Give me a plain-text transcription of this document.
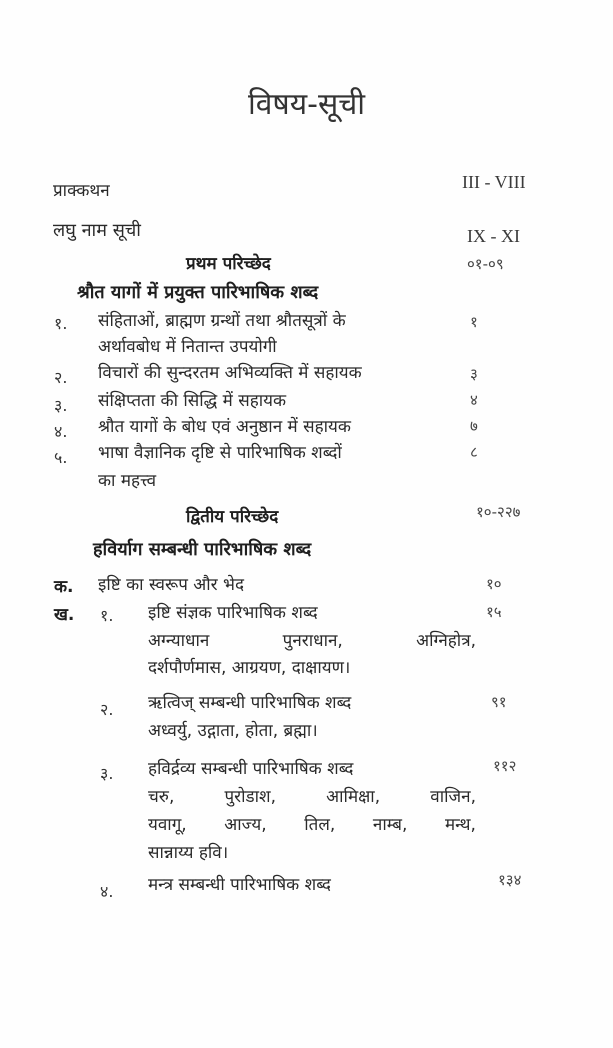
विषय-सूची
प्राक्कथन	III - VIII
लघु नाम सूची	IX - XI
प्रथम परिच्छेद	०१-०९
श्रौत यागों में प्रयुक्त पारिभाषिक शब्द
१. संहिताओं, ब्राह्मण ग्रन्थों तथा श्रौतसूत्रों के	१
अर्थावबोध में नितान्त उपयोगी
२. विचारों की सुन्दरतम अभिव्यक्ति में सहायक	३
३. संक्षिप्तता की सिद्धि में सहायक	४
४. श्रौत यागों के बोध एवं अनुष्ठान में सहायक	७
५. भाषा वैज्ञानिक दृष्टि से पारिभाषिक शब्दों	८
का महत्त्व
द्वितीय परिच्छेद	१०-२२७
हविर्याग सम्बन्धी पारिभाषिक शब्द
क. इष्टि का स्वरूप और भेद	१०
ख. १. इष्टि संज्ञक पारिभाषिक शब्द	१५
अग्न्याधान	पुनराधान,	अग्निहोत्र,
दर्शपौर्णमास, आग्रयण, दाक्षायण।
२. ऋत्विज् सम्बन्धी पारिभाषिक शब्द	९१
अध्वर्यु, उद्गाता, होता, ब्रह्मा।
३. हविर्द्रव्य सम्बन्धी पारिभाषिक शब्द	११२
चरु,	पुरोडाश,	आमिक्षा,	वाजिन,
यवागू, आज्य, तिल, नाम्ब, मन्थ,
सान्नाय्य हवि।
४. मन्त्र सम्बन्धी पारिभाषिक शब्द	१३४
